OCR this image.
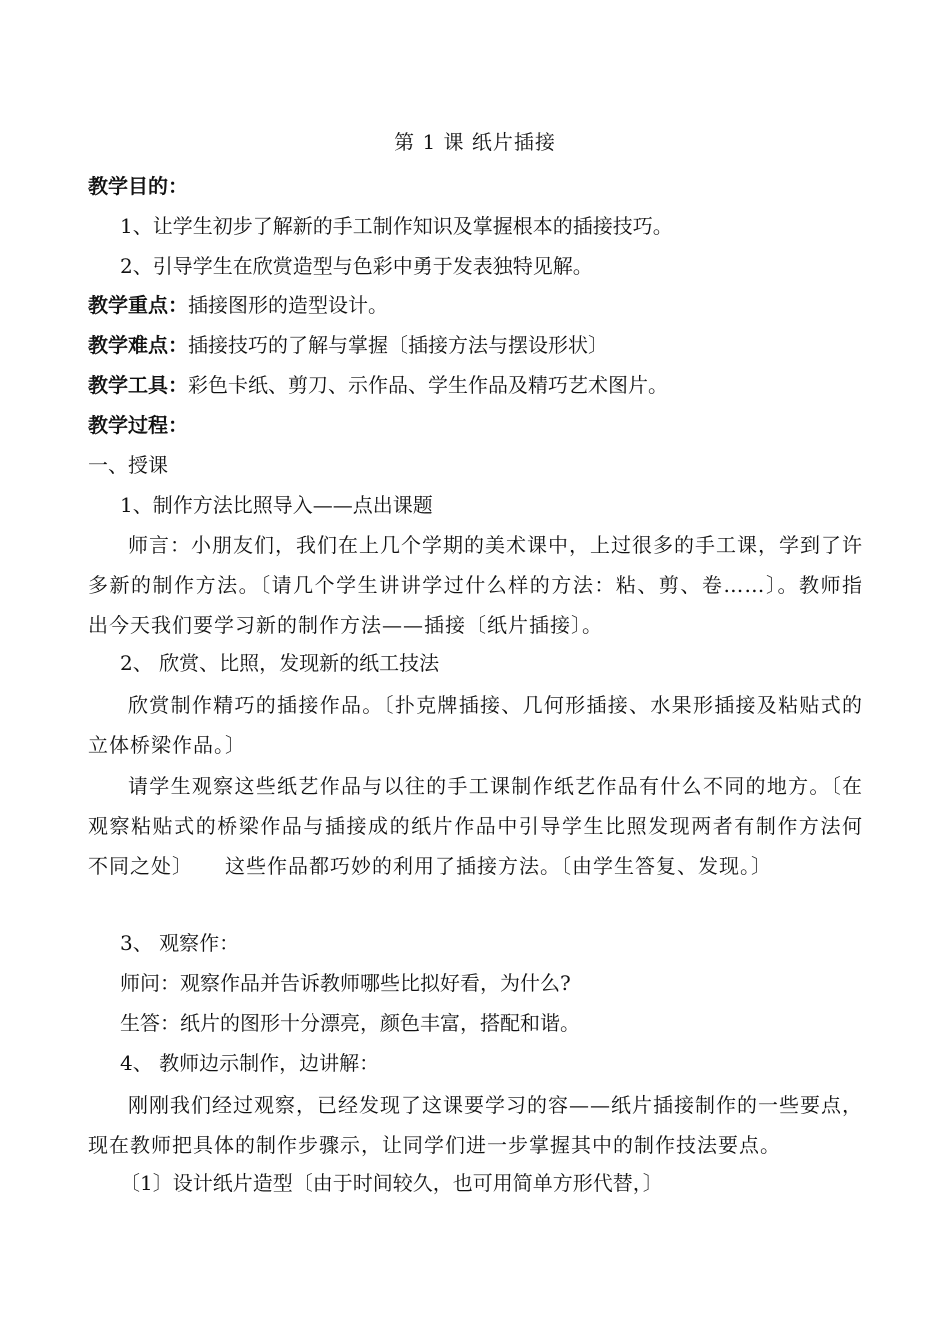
第 1 课 纸片插接
教学目的：
1、让学生初步了解新的手工制作知识及掌握根本的插接技巧。
2、引导学生在欣赏造型与色彩中勇于发表独特见解。
教学重点：插接图形的造型设计。
教学难点：插接技巧的了解与掌握〔插接方法与摆设形状〕
教学工具：彩色卡纸、剪刀、示作品、学生作品及精巧艺术图片。
教学过程：
一、授课
1、制作方法比照导入——点出课题
师言：小朋友们，我们在上几个学期的美术课中，上过很多的手工课，学到了许多新的制作方法。〔请几个学生讲讲学过什么样的方法：粘、剪、卷……〕。教师指出今天我们要学习新的制作方法——插接〔纸片插接〕。
2、 欣赏、比照，发现新的纸工技法
欣赏制作精巧的插接作品。〔扑克牌插接、几何形插接、水果形插接及粘贴式的立体桥梁作品。〕
请学生观察这些纸艺作品与以往的手工课制作纸艺作品有什么不同的地方。〔在观察粘贴式的桥梁作品与插接成的纸片作品中引导学生比照发现两者有制作方法何不同之处〕　　这些作品都巧妙的利用了插接方法。〔由学生答复、发现。〕
3、 观察作：
师问：观察作品并告诉教师哪些比拟好看，为什么?
生答：纸片的图形十分漂亮，颜色丰富，搭配和谐。
4、 教师边示制作，边讲解：
刚刚我们经过观察，已经发现了这课要学习的容——纸片插接制作的一些要点，现在教师把具体的制作步骤示，让同学们进一步掌握其中的制作技法要点。
〔1〕设计纸片造型〔由于时间较久，也可用简单方形代替，〕
